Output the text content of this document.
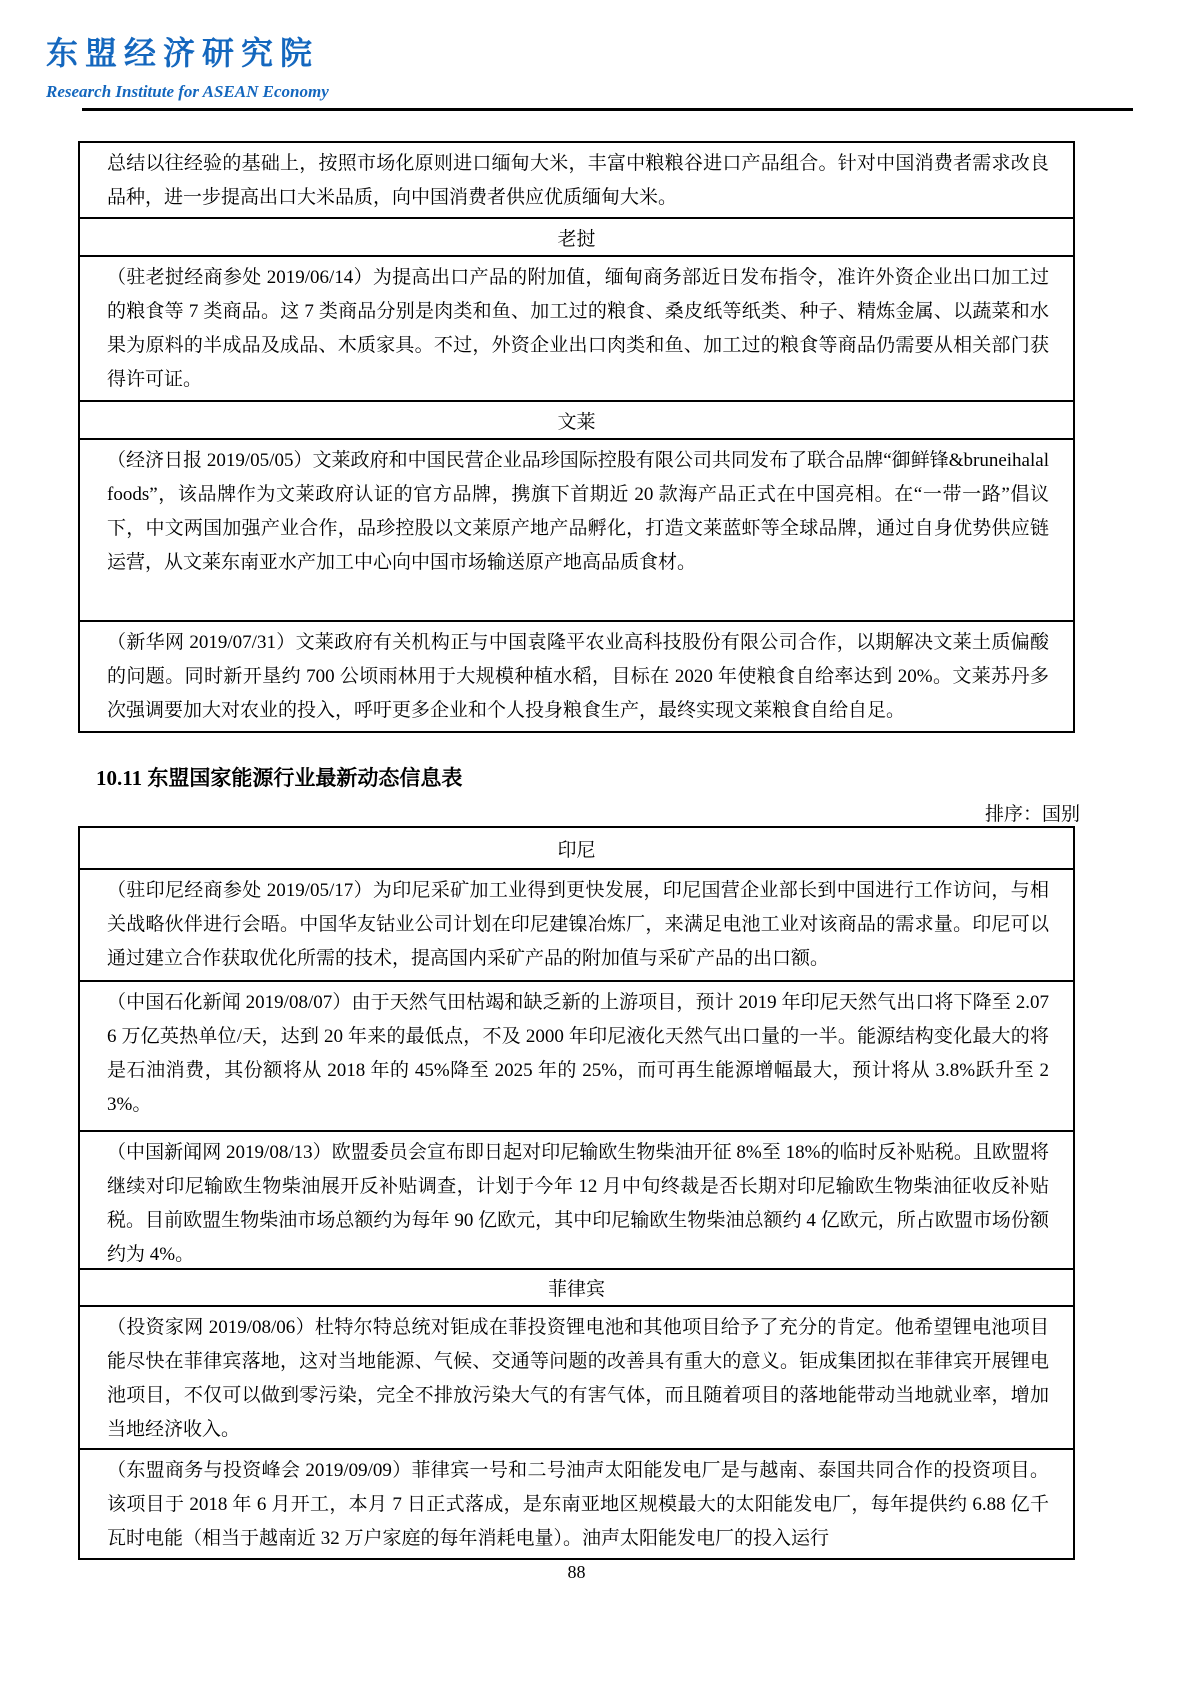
东盟经济研究院
Research Institute for ASEAN Economy

总结以往经验的基础上，按照市场化原则进口缅甸大米，丰富中粮粮谷进口产品组合。针对中国消费者需求改良品种，进一步提高出口大米品质，向中国消费者供应优质缅甸大米。

老挝

（驻老挝经商参处 2019/06/14）为提高出口产品的附加值，缅甸商务部近日发布指令，准许外资企业出口加工过的粮食等 7 类商品。这 7 类商品分别是肉类和鱼、加工过的粮食、桑皮纸等纸类、种子、精炼金属、以蔬菜和水果为原料的半成品及成品、木质家具。不过，外资企业出口肉类和鱼、加工过的粮食等商品仍需要从相关部门获得许可证。

文莱

（经济日报 2019/05/05）文莱政府和中国民营企业品珍国际控股有限公司共同发布了联合品牌“御鲜锋&bruneihalalfoods”，该品牌作为文莱政府认证的官方品牌，携旗下首期近 20 款海产品正式在中国亮相。在“一带一路”倡议下，中文两国加强产业合作，品珍控股以文莱原产地产品孵化，打造文莱蓝虾等全球品牌，通过自身优势供应链运营，从文莱东南亚水产加工中心向中国市场输送原产地高品质食材。

（新华网 2019/07/31）文莱政府有关机构正与中国袁隆平农业高科技股份有限公司合作，以期解决文莱土质偏酸的问题。同时新开垦约 700 公顷雨林用于大规模种植水稻，目标在 2020 年使粮食自给率达到 20%。文莱苏丹多次强调要加大对农业的投入，呼吁更多企业和个人投身粮食生产，最终实现文莱粮食自给自足。

10.11 东盟国家能源行业最新动态信息表
排序：国别
印尼

（驻印尼经商参处 2019/05/17）为印尼采矿加工业得到更快发展，印尼国营企业部长到中国进行工作访问，与相关战略伙伴进行会晤。中国华友钴业公司计划在印尼建镍冶炼厂，来满足电池工业对该商品的需求量。印尼可以通过建立合作获取优化所需的技术，提高国内采矿产品的附加值与采矿产品的出口额。

（中国石化新闻 2019/08/07）由于天然气田枯竭和缺乏新的上游项目，预计 2019 年印尼天然气出口将下降至 2.076 万亿英热单位/天，达到 20 年来的最低点，不及 2000 年印尼液化天然气出口量的一半。能源结构变化最大的将是石油消费，其份额将从 2018 年的 45%降至 2025 年的 25%，而可再生能源增幅最大，预计将从 3.8%跃升至 23%。

（中国新闻网 2019/08/13）欧盟委员会宣布即日起对印尼输欧生物柴油开征 8%至 18%的临时反补贴税。且欧盟将继续对印尼输欧生物柴油展开反补贴调查，计划于今年 12 月中旬终裁是否长期对印尼输欧生物柴油征收反补贴税。目前欧盟生物柴油市场总额约为每年 90 亿欧元，其中印尼输欧生物柴油总额约 4 亿欧元，所占欧盟市场份额约为 4%。

菲律宾

（投资家网 2019/08/06）杜特尔特总统对钜成在菲投资锂电池和其他项目给予了充分的肯定。他希望锂电池项目能尽快在菲律宾落地，这对当地能源、气候、交通等问题的改善具有重大的意义。钜成集团拟在菲律宾开展锂电池项目，不仅可以做到零污染，完全不排放污染大气的有害气体，而且随着项目的落地能带动当地就业率，增加当地经济收入。

（东盟商务与投资峰会 2019/09/09）菲律宾一号和二号油声太阳能发电厂是与越南、泰国共同合作的投资项目。该项目于 2018 年 6 月开工，本月 7 日正式落成，是东南亚地区规模最大的太阳能发电厂，每年提供约 6.88 亿千瓦时电能（相当于越南近 32 万户家庭的每年消耗电量）。油声太阳能发电厂的投入运行

88
